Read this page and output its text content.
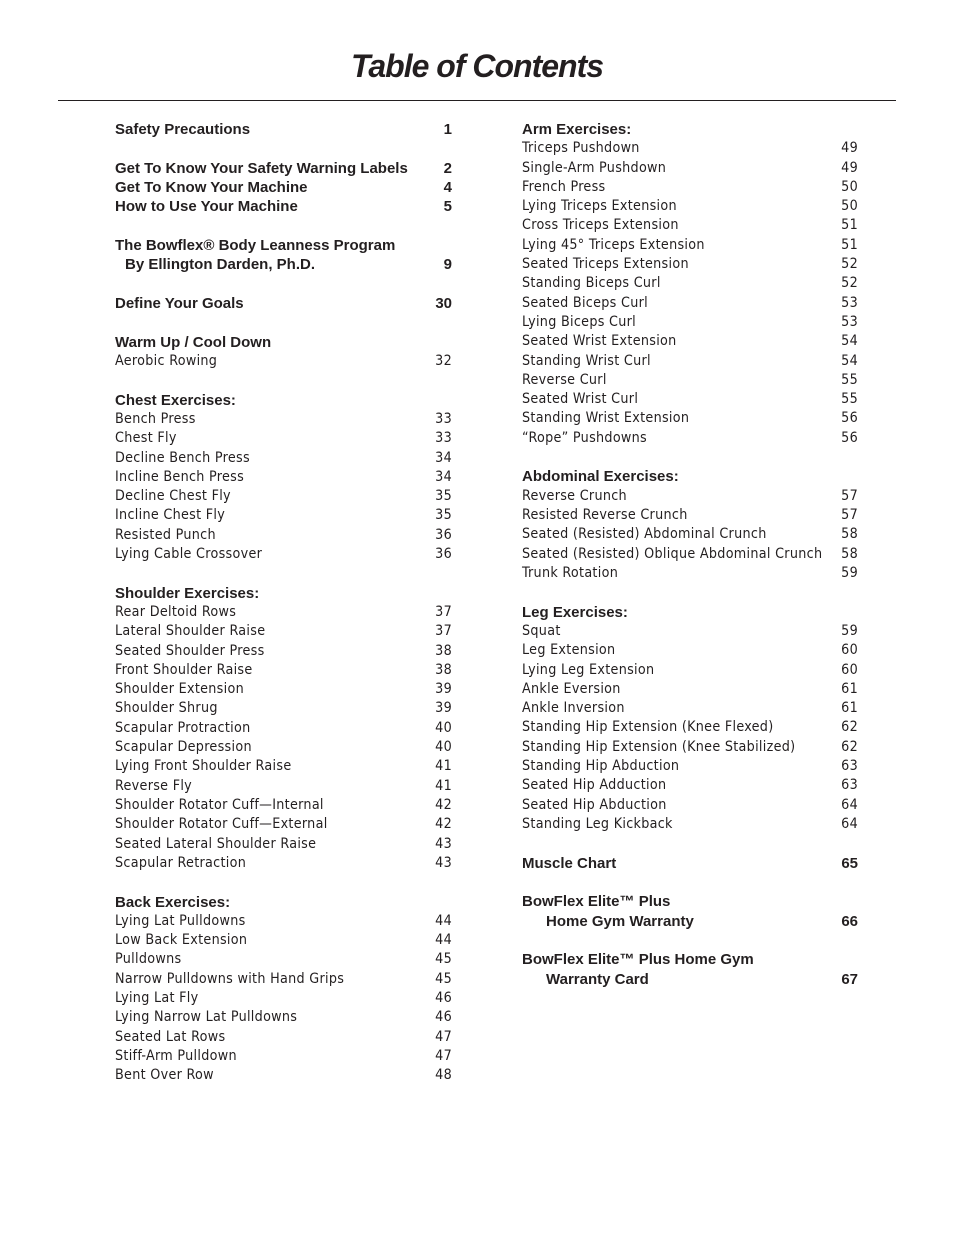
Table of Contents
Safety Precautions	1
Get To Know Your Safety Warning Labels 2
Get To Know Your Machine	4
How to Use Your Machine	5
The Bowflex® Body Leanness Program
By Ellington Darden, Ph.D.	9
Define Your Goals	30
Warm Up / Cool Down
Aerobic Rowing	32
Chest Exercises:
Bench Press	33
Chest Fly	33
Decline Bench Press	34
Incline Bench Press	34
Decline Chest Fly	35
Incline Chest Fly	35
Resisted Punch	36
Lying Cable Crossover	36
Shoulder Exercises:
Rear Deltoid Rows	37
Lateral Shoulder Raise	37
Seated Shoulder Press	38
Front Shoulder Raise	38
Shoulder Extension	39
Shoulder Shrug	39
Scapular Protraction	40
Scapular Depression	40
Lying Front Shoulder Raise	41
Reverse Fly	41
Shoulder Rotator Cuff—Internal	42
Shoulder Rotator Cuff—External	42
Seated Lateral Shoulder Raise	43
Scapular Retraction	43
Back Exercises:
Lying Lat Pulldowns	44
Low Back Extension	44
Pulldowns	45
Narrow Pulldowns with Hand Grips	45
Lying Lat Fly	46
Lying Narrow Lat Pulldowns	46
Seated Lat Rows	47
Stiff-Arm Pulldown	47
Bent Over Row	48
Arm Exercises:
Triceps Pushdown	49
Single-Arm Pushdown	49
French Press	50
Lying Triceps Extension	50
Cross Triceps Extension	51
Lying 45° Triceps Extension	51
Seated Triceps Extension	52
Standing Biceps Curl	52
Seated Biceps Curl	53
Lying Biceps Curl	53
Seated Wrist Extension	54
Standing Wrist Curl	54
Reverse Curl	55
Seated Wrist Curl	55
Standing Wrist Extension	56
“Rope” Pushdowns	56
Abdominal Exercises:
Reverse Crunch	57
Resisted Reverse Crunch	57
Seated (Resisted) Abdominal Crunch	58
Seated (Resisted) Oblique Abdominal Crunch 58
Trunk Rotation	59
Leg Exercises:
Squat	59
Leg Extension	60
Lying Leg Extension	60
Ankle Eversion	61
Ankle Inversion	61
Standing Hip Extension (Knee Flexed)	62
Standing Hip Extension (Knee Stabilized)	62
Standing Hip Abduction	63
Seated Hip Adduction	63
Seated Hip Abduction	64
Standing Leg Kickback	64
Muscle Chart	65
BowFlex Elite™ Plus
Home Gym Warranty	66
BowFlex Elite™ Plus Home Gym
Warranty Card	67
